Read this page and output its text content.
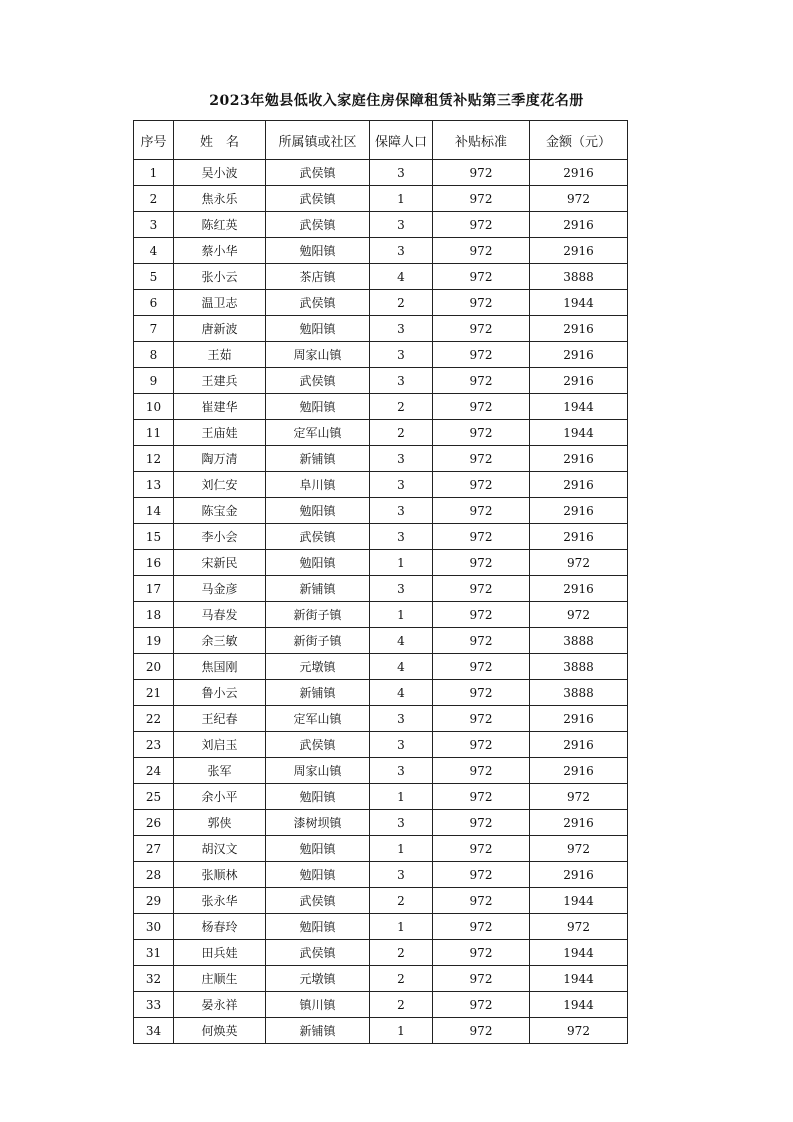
2023年勉县低收入家庭住房保障租赁补贴第三季度花名册
序号	姓　名	所属镇或社区	保障人口	补贴标准	金额（元）
1	吴小波	武侯镇	3	972	2916
2	焦永乐	武侯镇	1	972	972
3	陈红英	武侯镇	3	972	2916
4	蔡小华	勉阳镇	3	972	2916
5	张小云	茶店镇	4	972	3888
6	温卫志	武侯镇	2	972	1944
7	唐新波	勉阳镇	3	972	2916
8	王茹	周家山镇	3	972	2916
9	王建兵	武侯镇	3	972	2916
10	崔建华	勉阳镇	2	972	1944
11	王庙娃	定军山镇	2	972	1944
12	陶万清	新铺镇	3	972	2916
13	刘仁安	阜川镇	3	972	2916
14	陈宝金	勉阳镇	3	972	2916
15	李小会	武侯镇	3	972	2916
16	宋新民	勉阳镇	1	972	972
17	马金彦	新铺镇	3	972	2916
18	马春发	新街子镇	1	972	972
19	余三敏	新街子镇	4	972	3888
20	焦国刚	元墩镇	4	972	3888
21	鲁小云	新铺镇	4	972	3888
22	王纪春	定军山镇	3	972	2916
23	刘启玉	武侯镇	3	972	2916
24	张军	周家山镇	3	972	2916
25	余小平	勉阳镇	1	972	972
26	郭侠	漆树坝镇	3	972	2916
27	胡汉文	勉阳镇	1	972	972
28	张顺林	勉阳镇	3	972	2916
29	张永华	武侯镇	2	972	1944
30	杨春玲	勉阳镇	1	972	972
31	田兵娃	武侯镇	2	972	1944
32	庄顺生	元墩镇	2	972	1944
33	晏永祥	镇川镇	2	972	1944
34	何焕英	新铺镇	1	972	972
